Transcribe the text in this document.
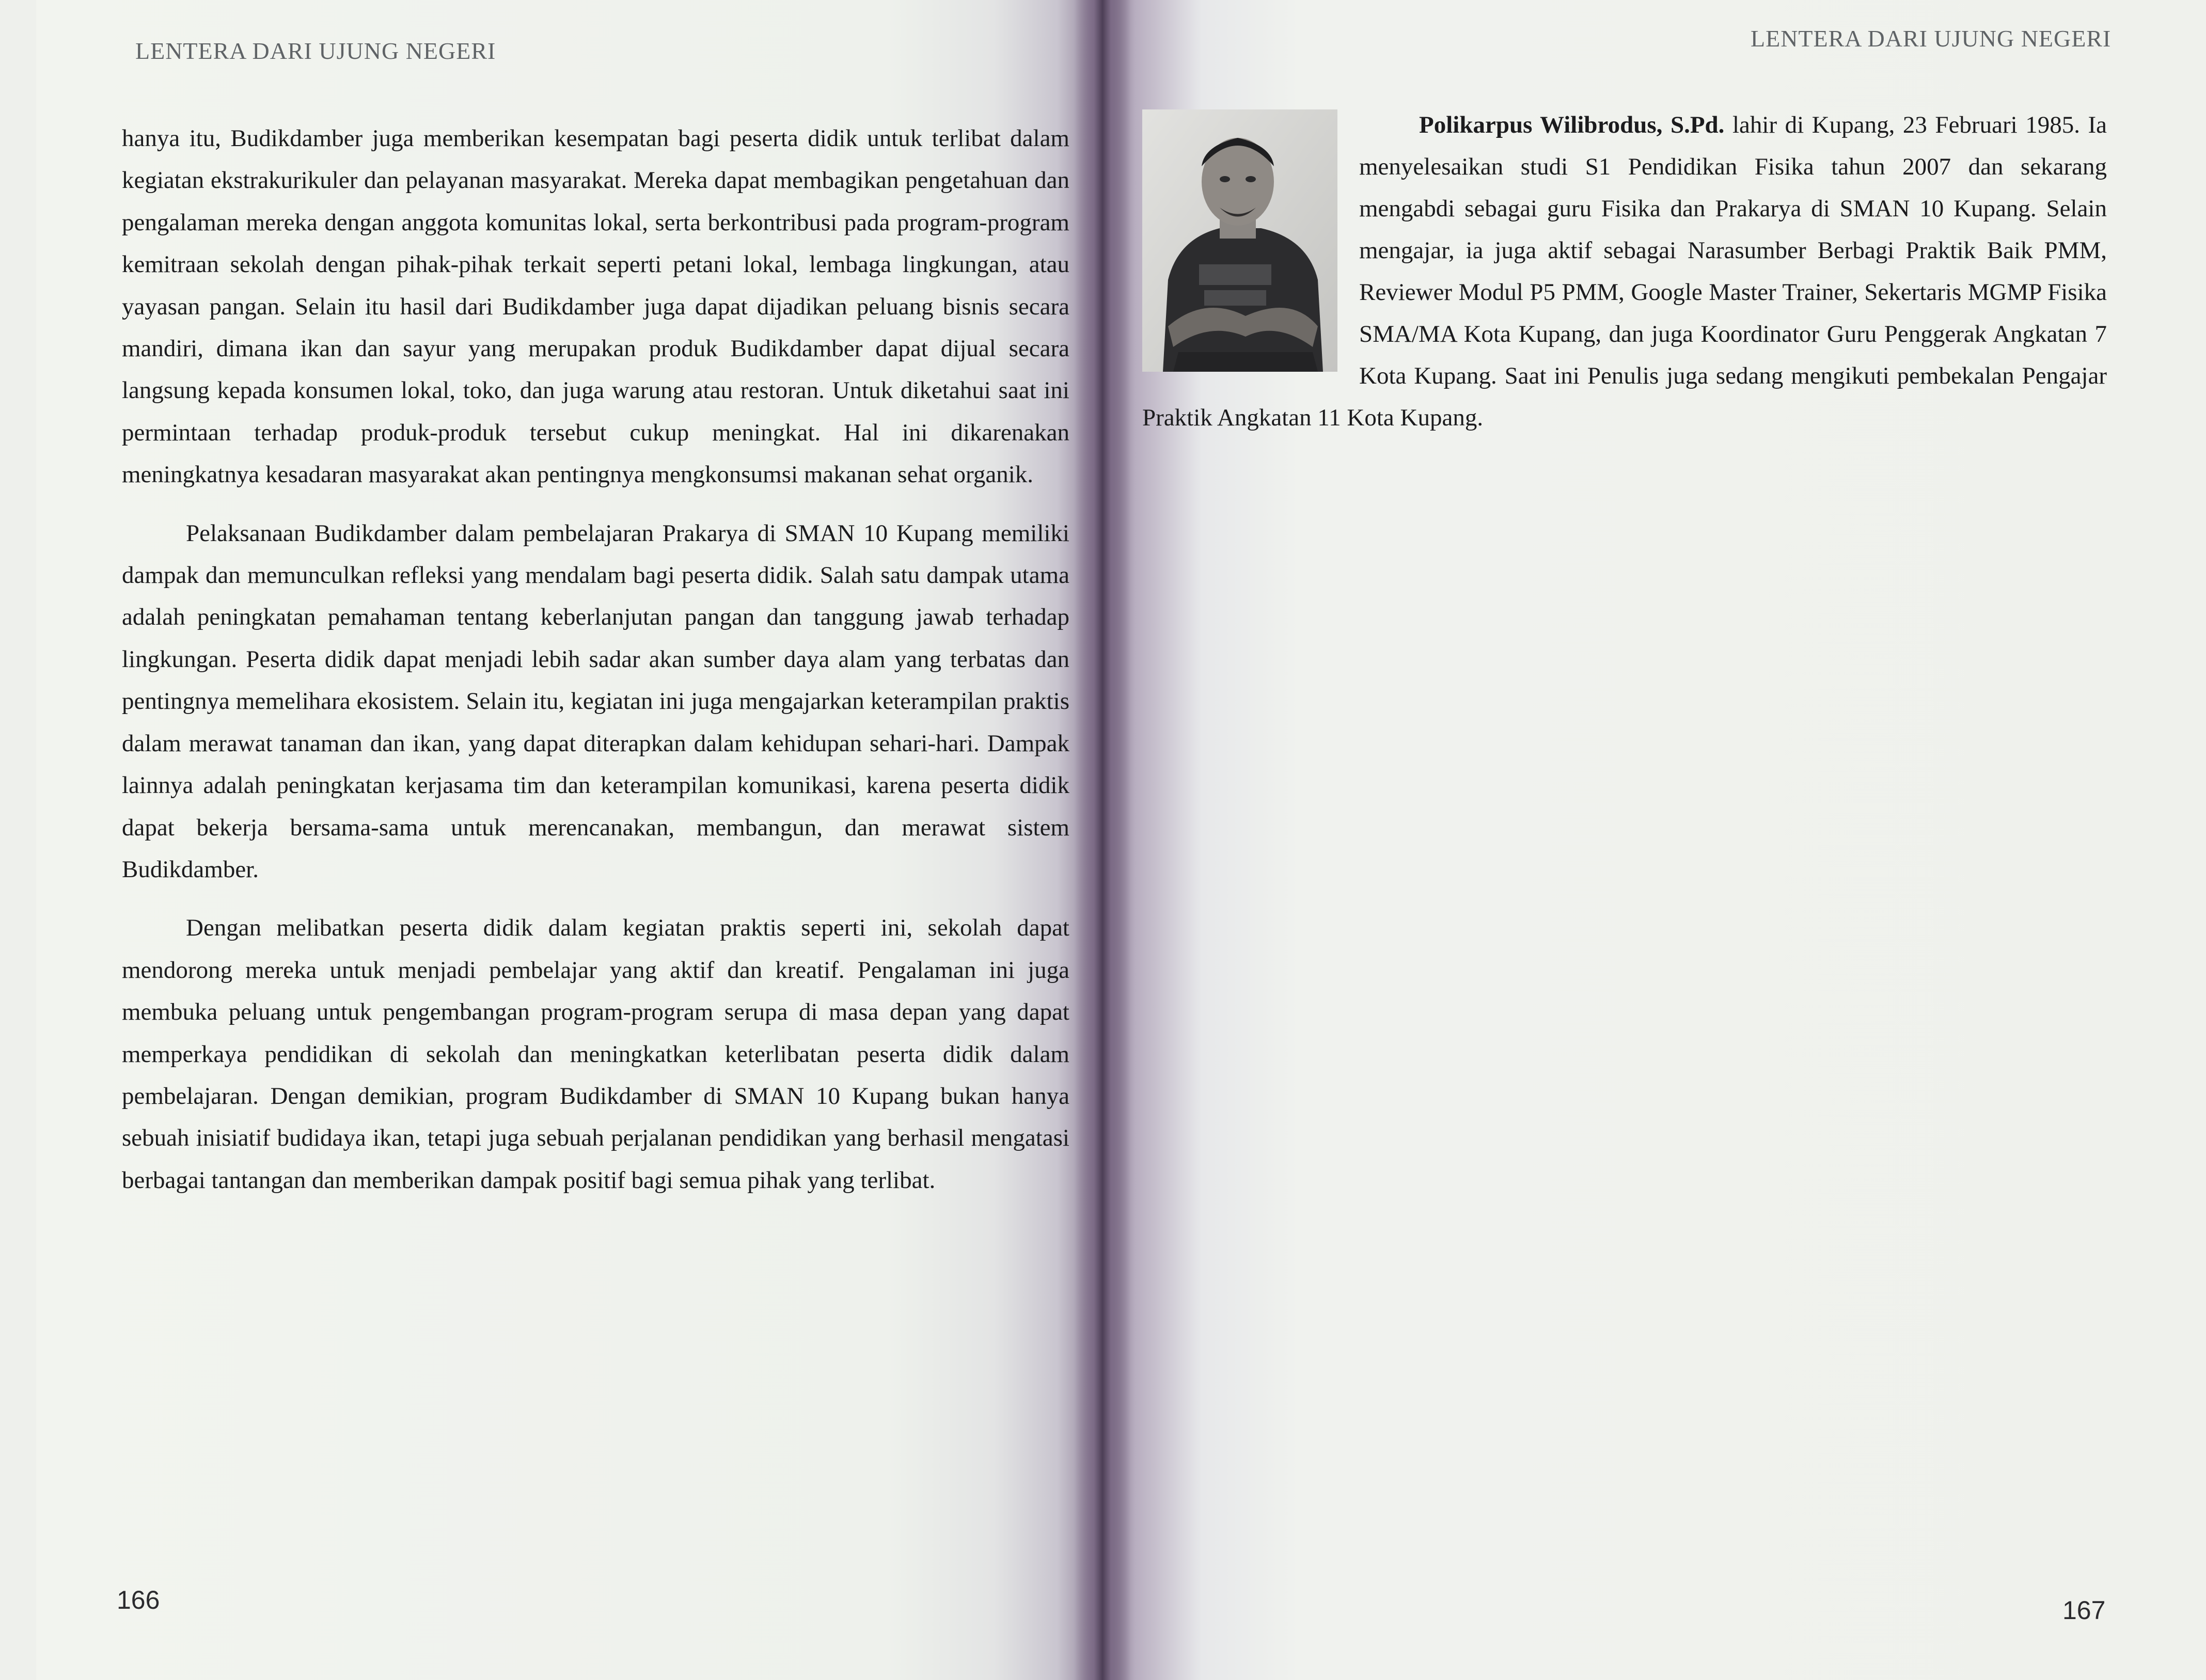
LENTERA DARI UJUNG NEGERI	LENTERA DARI UJUNG NEGERI

hanya itu, Budikdamber juga memberikan kesempatan bagi peserta didik untuk terlibat dalam kegiatan ekstrakurikuler dan pelayanan masyarakat. Mereka dapat membagikan pengetahuan dan pengalaman mereka dengan anggota komunitas lokal, serta berkontribusi pada program-program kemitraan sekolah dengan pihak-pihak terkait seperti petani lokal, lembaga lingkungan, atau yayasan pangan. Selain itu hasil dari Budikdamber juga dapat dijadikan peluang bisnis secara mandiri, dimana ikan dan sayur yang merupakan produk Budikdamber dapat dijual secara langsung kepada konsumen lokal, toko, dan juga warung atau restoran. Untuk diketahui saat ini permintaan terhadap produk-produk tersebut cukup meningkat. Hal ini dikarenakan meningkatnya kesadaran masyarakat akan pentingnya mengkonsumsi makanan sehat organik.

Pelaksanaan Budikdamber dalam pembelajaran Prakarya di SMAN 10 Kupang memiliki dampak dan memunculkan refleksi yang mendalam bagi peserta didik. Salah satu dampak utama adalah peningkatan pemahaman tentang keberlanjutan pangan dan tanggung jawab terhadap lingkungan. Peserta didik dapat menjadi lebih sadar akan sumber daya alam yang terbatas dan pentingnya memelihara ekosistem. Selain itu, kegiatan ini juga mengajarkan keterampilan praktis dalam merawat tanaman dan ikan, yang dapat diterapkan dalam kehidupan sehari-hari. Dampak lainnya adalah peningkatan kerjasama tim dan keterampilan komunikasi, karena peserta didik dapat bekerja bersama-sama untuk merencanakan, membangun, dan merawat sistem Budikdamber.

Dengan melibatkan peserta didik dalam kegiatan praktis seperti ini, sekolah dapat mendorong mereka untuk menjadi pembelajar yang aktif dan kreatif. Pengalaman ini juga membuka peluang untuk pengembangan program-program serupa di masa depan yang dapat memperkaya pendidikan di sekolah dan meningkatkan keterlibatan peserta didik dalam pembelajaran. Dengan demikian, program Budikdamber di SMAN 10 Kupang bukan hanya sebuah inisiatif budidaya ikan, tetapi juga sebuah perjalanan pendidikan yang berhasil mengatasi berbagai tantangan dan memberikan dampak positif bagi semua pihak yang terlibat.

Polikarpus Wilibrodus, S.Pd. lahir di Kupang, 23 Februari 1985. Ia menyelesaikan studi S1 Pendidikan Fisika tahun 2007 dan sekarang mengabdi sebagai guru Fisika dan Prakarya di SMAN 10 Kupang. Selain mengajar, ia juga aktif sebagai Narasumber Berbagi Praktik Baik PMM, Reviewer Modul P5 PMM, Google Master Trainer, Sekertaris MGMP Fisika SMA/MA Kota Kupang, dan juga Koordinator Guru Penggerak Angkatan 7 Kota Kupang. Saat ini Penulis juga sedang mengikuti pembekalan Pengajar Praktik Angkatan 11 Kota Kupang.
166	167
